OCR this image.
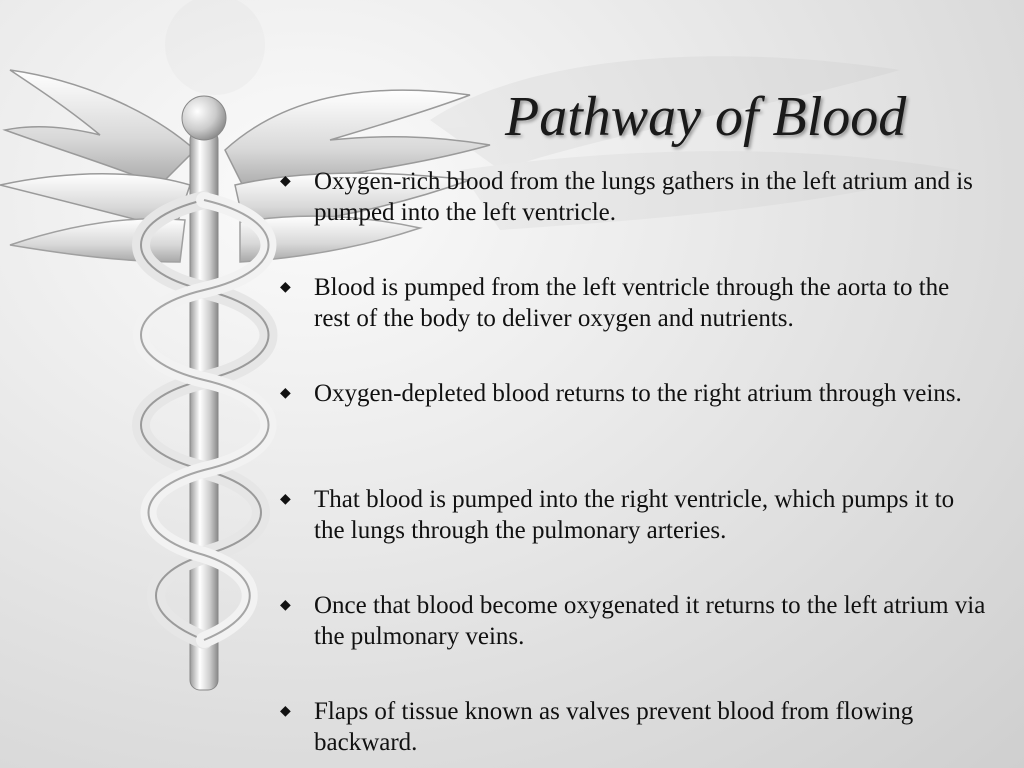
Pathway of Blood
◆ Oxygen-rich blood from the lungs gathers in the left atrium and is pumped into the left ventricle.
◆ Blood is pumped from the left ventricle through the aorta to the rest of the body to deliver oxygen and nutrients.
◆ Oxygen-depleted blood returns to the right atrium through veins.
◆ That blood is pumped into the right ventricle, which pumps it to the lungs through the pulmonary arteries.
◆ Once that blood become oxygenated it returns to the left atrium via the pulmonary veins.
◆ Flaps of tissue known as valves prevent blood from flowing backward.
